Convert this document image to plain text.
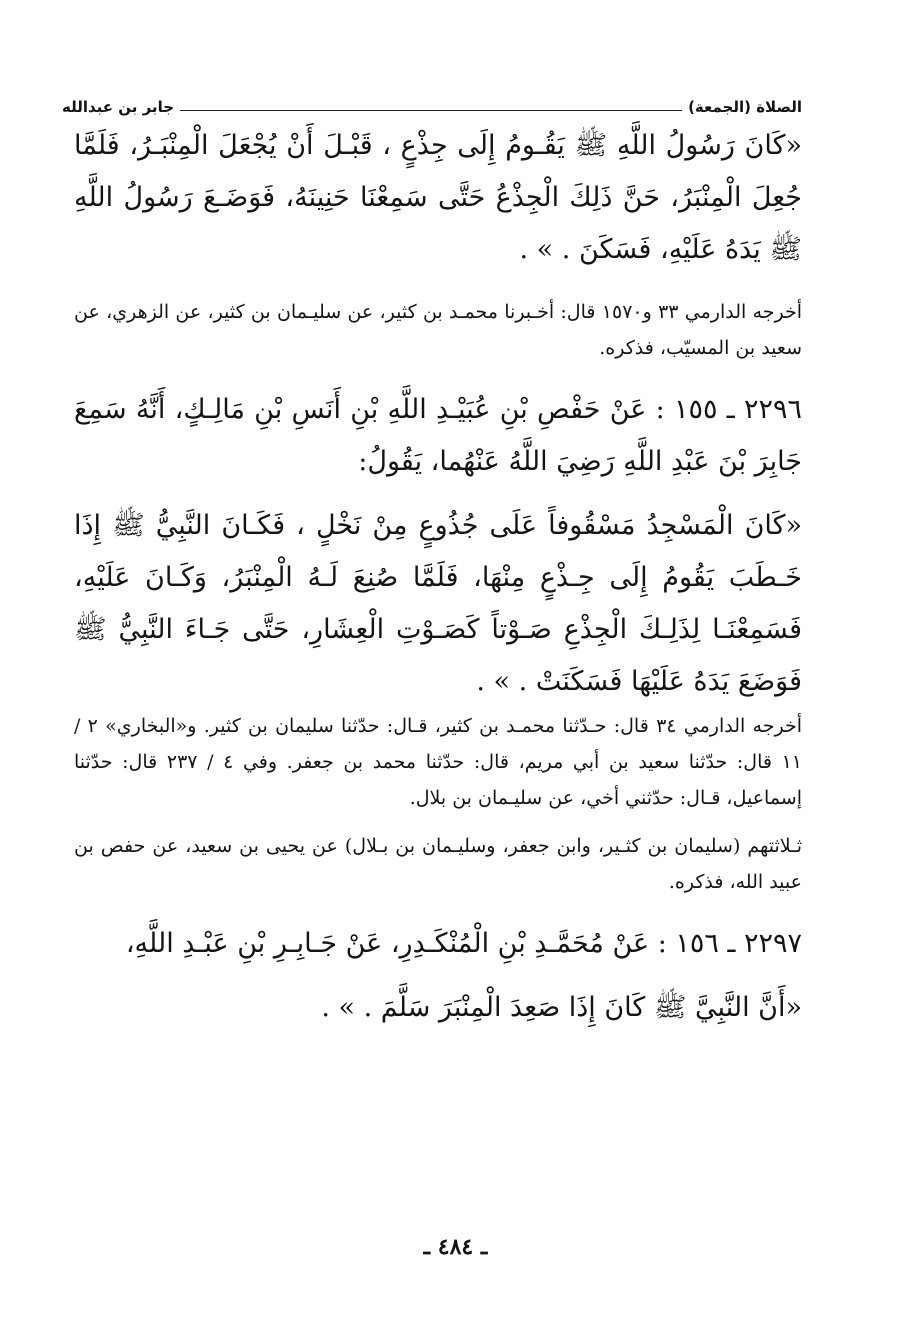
الصلاة (الجمعة)
جابر بن عبدالله

«كَانَ رَسُولُ اللَّهِ ﷺ يَقُـومُ إِلَى جِذْعٍ ، قَبْـلَ أَنْ يُجْعَلَ الْمِنْبَـرُ، فَلَمَّا جُعِلَ الْمِنْبَرُ، حَنَّ ذَلِكَ الْجِذْعُ حَتَّى سَمِعْنَا حَنِينَهُ، فَوَضَـعَ رَسُولُ اللَّهِ ﷺ يَدَهُ عَلَيْهِ، فَسَكَنَ . » .

أخرجه الدارمي ٣٣ و١٥٧٠ قال: أخـبرنا محمـد بن كثير، عن سليـمان بن كثير، عن الزهري، عن سعيد بن المسيّب، فذكره.

٢٢٩٦ ـ ١٥٥ : عَنْ حَفْصِ بْنِ عُبَيْـدِ اللَّهِ بْنِ أَنَسِ بْنِ مَالِـكٍ، أَنَّهُ سَمِعَ جَابِرَ بْنَ عَبْدِ اللَّهِ رَضِيَ اللَّهُ عَنْهُما، يَقُولُ:

«كَانَ الْمَسْجِدُ مَسْقُوفاً عَلَى جُذُوعٍ مِنْ نَخْلٍ ، فَكَـانَ النَّبِيُّ ﷺ إِذَا خَـطَبَ يَقُومُ إِلَى جِـذْعٍ مِنْهَا، فَلَمَّا صُنِعَ لَـهُ الْمِنْبَرُ، وَكَـانَ عَلَيْهِ، فَسَمِعْنَـا لِذَلِـكَ الْجِذْعِ صَـوْتاً كَصَـوْتِ الْعِشَارِ، حَتَّى جَـاءَ النَّبِيُّ ﷺ فَوَضَعَ يَدَهُ عَلَيْهَا فَسَكَنَتْ . » .

أخرجه الدارمي ٣٤ قال: حـدّثنا محمـد بن كثير، قـال: حدّثنا سليمان بن كثير. و«البخاري» ٢ / ١١ قال: حدّثنا سعيد بن أبي مريم، قال: حدّثنا محمد بن جعفر. وفي ٤ / ٢٣٧ قال: حدّثنا إسماعيل، قـال: حدّثني أخي، عن سليـمان بن بلال.

ثـلاثتهم (سليمان بن كثـير، وابن جعفر، وسليـمان بن بـلال) عن يحيى بن سعيد، عن حفص بن عبيد الله، فذكره.

٢٢٩٧ ـ ١٥٦ : عَنْ مُحَمَّـدِ بْنِ الْمُنْكَـدِرِ، عَنْ جَـابِـرِ بْنِ عَبْـدِ اللَّهِ،

«أَنَّ النَّبِيَّ ﷺ كَانَ إِذَا صَعِدَ الْمِنْبَرَ سَلَّمَ . » .

ـ ٤٨٤ ـ
